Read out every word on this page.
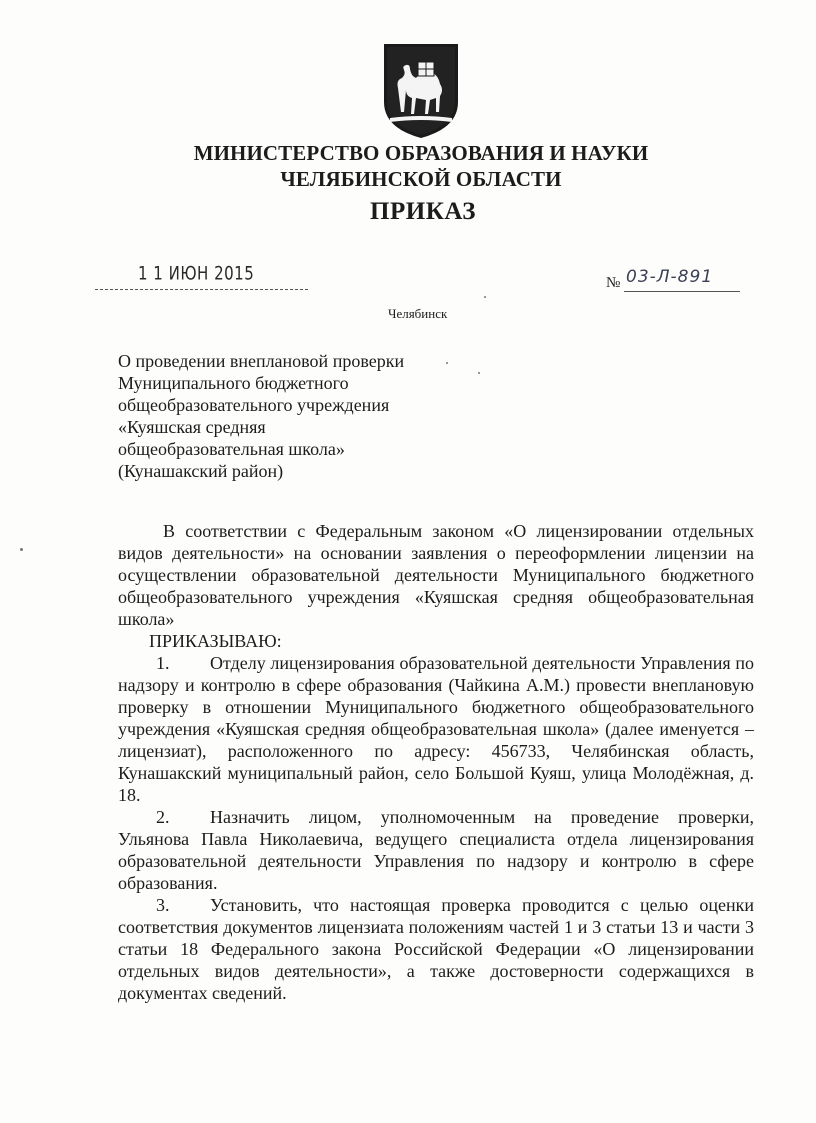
МИНИСТЕРСТВО ОБРАЗОВАНИЯ И НАУКИ
ЧЕЛЯБИНСКОЙ ОБЛАСТИ
ПРИКАЗ
1 1 ИЮН 2015	№ 03-Л-891
Челябинск
О проведении внеплановой проверки
Муниципального бюджетного
общеобразовательного учреждения
«Куяшская средняя
общеобразовательная школа»
(Кунашакский район)

В соответствии с Федеральным законом «О лицензировании отдельных видов деятельности» на основании заявления о переоформлении лицензии на осуществлении образовательной деятельности Муниципального бюджетного общеобразовательного учреждения «Куяшская средняя общеобразовательная школа»

ПРИКАЗЫВАЮ:

1. Отделу лицензирования образовательной деятельности Управления по надзору и контролю в сфере образования (Чайкина А.М.) провести внеплановую проверку в отношении Муниципального бюджетного общеобразовательного учреждения «Куяшская средняя общеобразовательная школа» (далее именуется – лицензиат), расположенного по адресу: 456733, Челябинская область, Кунашакский муниципальный район, село Большой Куяш, улица Молодёжная, д. 18.

2. Назначить лицом, уполномоченным на проведение проверки, Ульянова Павла Николаевича, ведущего специалиста отдела лицензирования образовательной деятельности Управления по надзору и контролю в сфере образования.

3. Установить, что настоящая проверка проводится с целью оценки соответствия документов лицензиата положениям частей 1 и 3 статьи 13 и части 3 статьи 18 Федерального закона Российской Федерации «О лицензировании отдельных видов деятельности», а также достоверности содержащихся в документах сведений.
